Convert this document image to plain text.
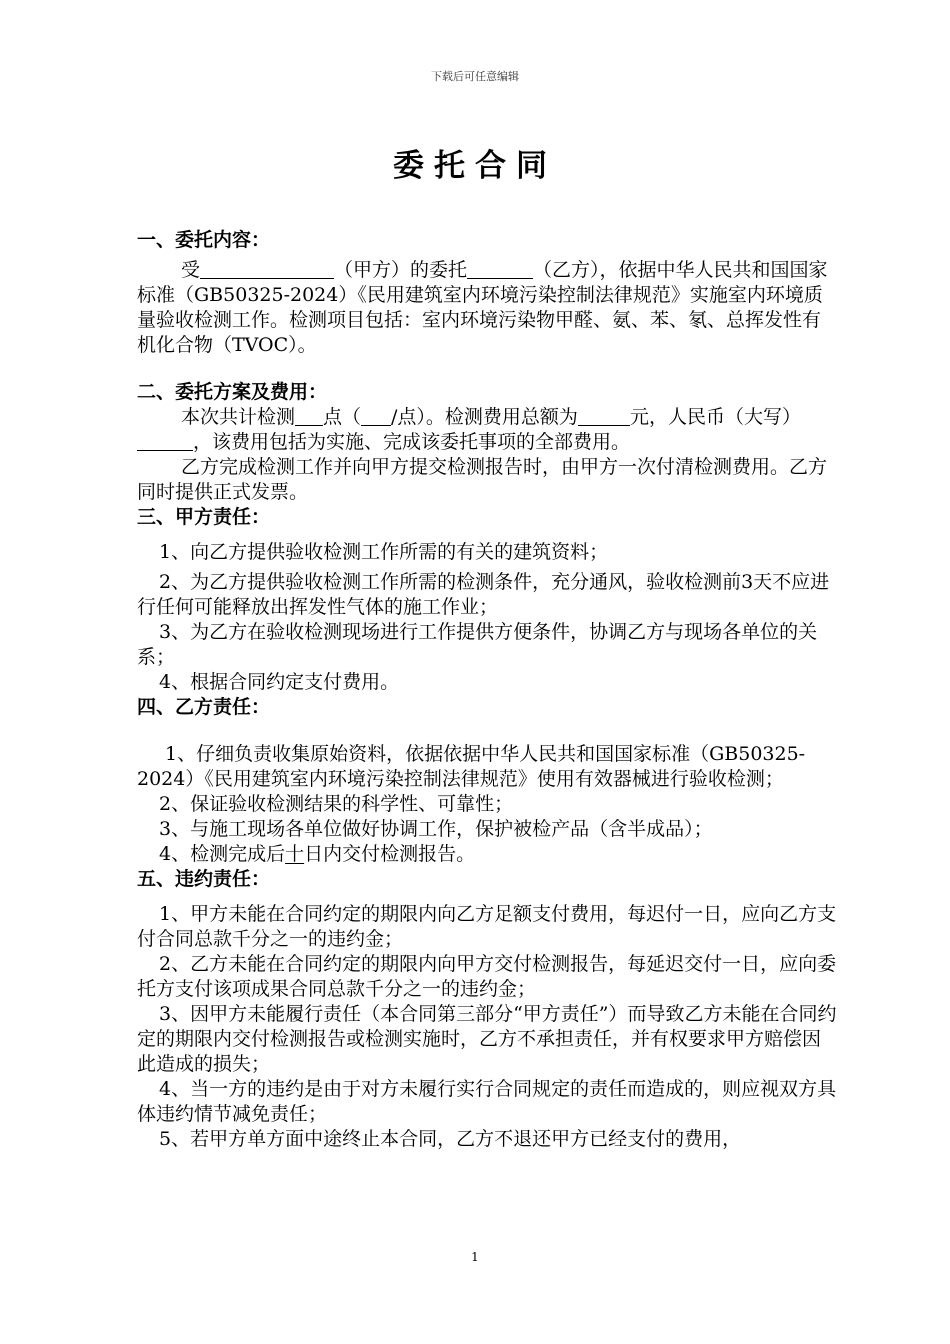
下载后可任意编辑
委托合同
一、委托内容：

受	（甲方）的委托	（乙方），依据中华人民共和国国家标准（GB50325-2024）《民用建筑室内环境污染控制法律规范》实施室内环境质量验收检测工作。检测项目包括：室内环境污染物甲醛、氨、苯、氡、总挥发性有机化合物（TVOC）。

二、委托方案及费用：

本次共计检测 点（ /点）。检测费用总额为	元，人民币（大写），该费用包括为实施、完成该委托事项的全部费用。

乙方完成检测工作并向甲方提交检测报告时，由甲方一次付清检测费用。乙方同时提供正式发票。

三、甲方责任：

1、向乙方提供验收检测工作所需的有关的建筑资料；

2、为乙方提供验收检测工作所需的检测条件，充分通风，验收检测前3天不应进行任何可能释放出挥发性气体的施工作业；

3、为乙方在验收检测现场进行工作提供方便条件，协调乙方与现场各单位的关系；

4、根据合同约定支付费用。

四、乙方责任：

1、仔细负责收集原始资料，依据依据中华人民共和国国家标准（GB50325-2024）《民用建筑室内环境污染控制法律规范》使用有效器械进行验收检测；

2、保证验收检测结果的科学性、可靠性；

3、与施工现场各单位做好协调工作，保护被检产品（含半成品）；

4、检测完成后十日内交付检测报告。

五、违约责任：

1、甲方未能在合同约定的期限内向乙方足额支付费用，每迟付一日，应向乙方支付合同总款千分之一的违约金；

2、乙方未能在合同约定的期限内向甲方交付检测报告，每延迟交付一日，应向委托方支付该项成果合同总款千分之一的违约金；

3、因甲方未能履行责任（本合同第三部分“甲方责任”）而导致乙方未能在合同约定的期限内交付检测报告或检测实施时，乙方不承担责任，并有权要求甲方赔偿因此造成的损失；

4、当一方的违约是由于对方未履行实行合同规定的责任而造成的，则应视双方具体违约情节减免责任；

5、若甲方单方面中途终止本合同，乙方不退还甲方已经支付的费用，

1
